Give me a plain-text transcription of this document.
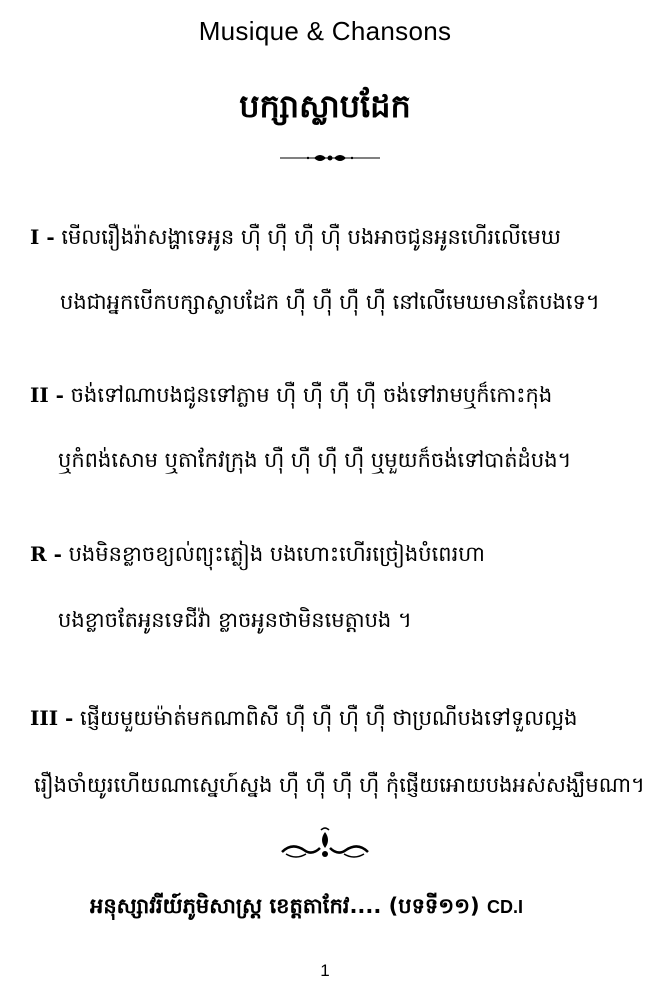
Musique & Chansons
បក្សាស្លាបដែក
I - មើលរឿងរ៉ាសង្ហាទេអូន ហ៊ឺ ហ៊ឺ ហ៊ឺ ហ៊ឺ បងអាចជូនអូនហើរលើមេឃ
បងជាអ្នកបើកបក្សាស្លាបដែក ហ៊ឺ ហ៊ឺ ហ៊ឺ ហ៊ឺ នៅលើមេឃមានតែបងទេ។
II - ចង់ទៅណាបងជូនទៅភ្លាម ហ៊ឺ ហ៊ឺ ហ៊ឺ ហ៊ឺ ចង់ទៅរាមឬក៏កោះកុង
ឬកំពង់សោម ឬតាកែវក្រុង ហ៊ឺ ហ៊ឺ ហ៊ឺ ហ៊ឺ ឬមួយក៏ចង់ទៅបាត់ដំបង។
R - បងមិនខ្លាចខ្យល់ព្យុះភ្លៀង បងហោះហើរច្រៀងបំពេរហា
បងខ្លាចតែអូនទេជីវ៉ា ខ្លាចអូនថាមិនមេត្តាបង ។
III - ផ្ញើយមួយម៉ាត់មកណាពិសី ហ៊ឺ ហ៊ឺ ហ៊ឺ ហ៊ឺ ថាប្រណីបងទៅទួលល្អង
រឿងចាំយូរហើយណាស្នេហ៍ស្នង ហ៊ឺ ហ៊ឺ ហ៊ឺ ហ៊ឺ កុំផ្ញើយអោយបងអស់សង្ឃឹមណា។
អនុស្សាវរីយ៍ភូមិសាស្រ្ត ខេត្តតាកែវ.... (បទទី១១) CD.I
1
